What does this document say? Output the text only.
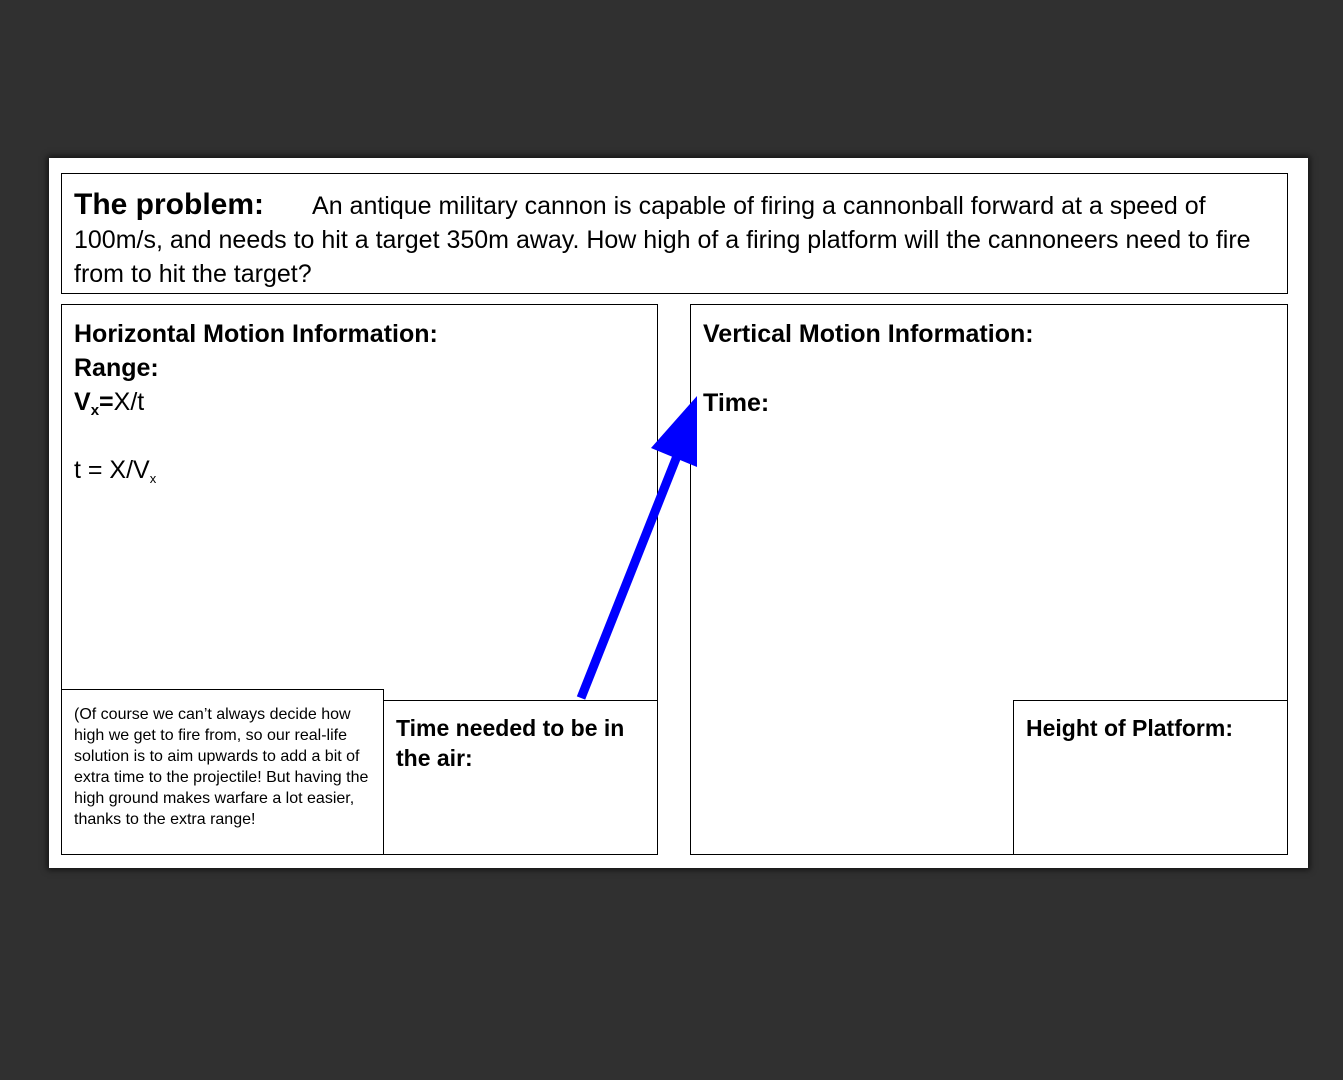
The problem: An antique military cannon is capable of firing a cannonball forward at a speed of 100m/s, and needs to hit a target 350m away. How high of a firing platform will the cannoneers need to fire from to hit the target?
Horizontal Motion Information:
Range:
$V_x=X/t$
$t = X/V_x$
Vertical Motion Information:
Time:
(Of course we can’t always decide how high we get to fire from, so our real-life solution is to aim upwards to add a bit of extra time to the projectile! But having the high ground makes warfare a lot easier, thanks to the extra range!
Time needed to be in the air:
Height of Platform:
